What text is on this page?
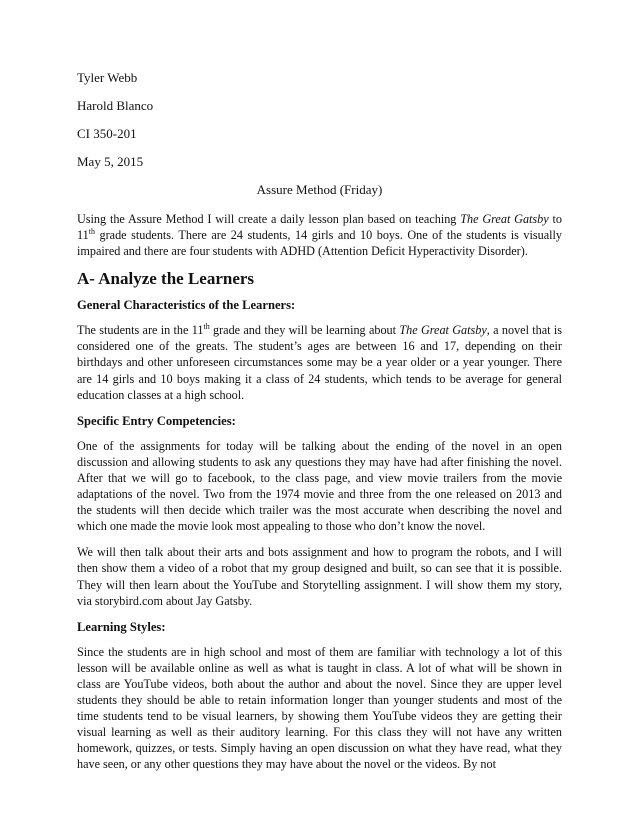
Tyler Webb
Harold Blanco
CI 350-201
May 5, 2015
Assure Method (Friday)

Using the Assure Method I will create a daily lesson plan based on teaching The Great Gatsby to 11th grade students. There are 24 students, 14 girls and 10 boys. One of the students is visually impaired and there are four students with ADHD (Attention Deficit Hyperactivity Disorder).

A- Analyze the Learners
General Characteristics of the Learners:

The students are in the 11th grade and they will be learning about The Great Gatsby, a novel that is considered one of the greats. The student’s ages are between 16 and 17, depending on their birthdays and other unforeseen circumstances some may be a year older or a year younger. There are 14 girls and 10 boys making it a class of 24 students, which tends to be average for general education classes at a high school.

Specific Entry Competencies:

One of the assignments for today will be talking about the ending of the novel in an open discussion and allowing students to ask any questions they may have had after finishing the novel. After that we will go to facebook, to the class page, and view movie trailers from the movie adaptations of the novel. Two from the 1974 movie and three from the one released on 2013 and the students will then decide which trailer was the most accurate when describing the novel and which one made the movie look most appealing to those who don’t know the novel.

We will then talk about their arts and bots assignment and how to program the robots, and I will then show them a video of a robot that my group designed and built, so can see that it is possible. They will then learn about the YouTube and Storytelling assignment. I will show them my story, via storybird.com about Jay Gatsby.

Learning Styles:

Since the students are in high school and most of them are familiar with technology a lot of this lesson will be available online as well as what is taught in class. A lot of what will be shown in class are YouTube videos, both about the author and about the novel. Since they are upper level students they should be able to retain information longer than younger students and most of the time students tend to be visual learners, by showing them YouTube videos they are getting their visual learning as well as their auditory learning. For this class they will not have any written homework, quizzes, or tests. Simply having an open discussion on what they have read, what they have seen, or any other questions they may have about the novel or the videos. By not
